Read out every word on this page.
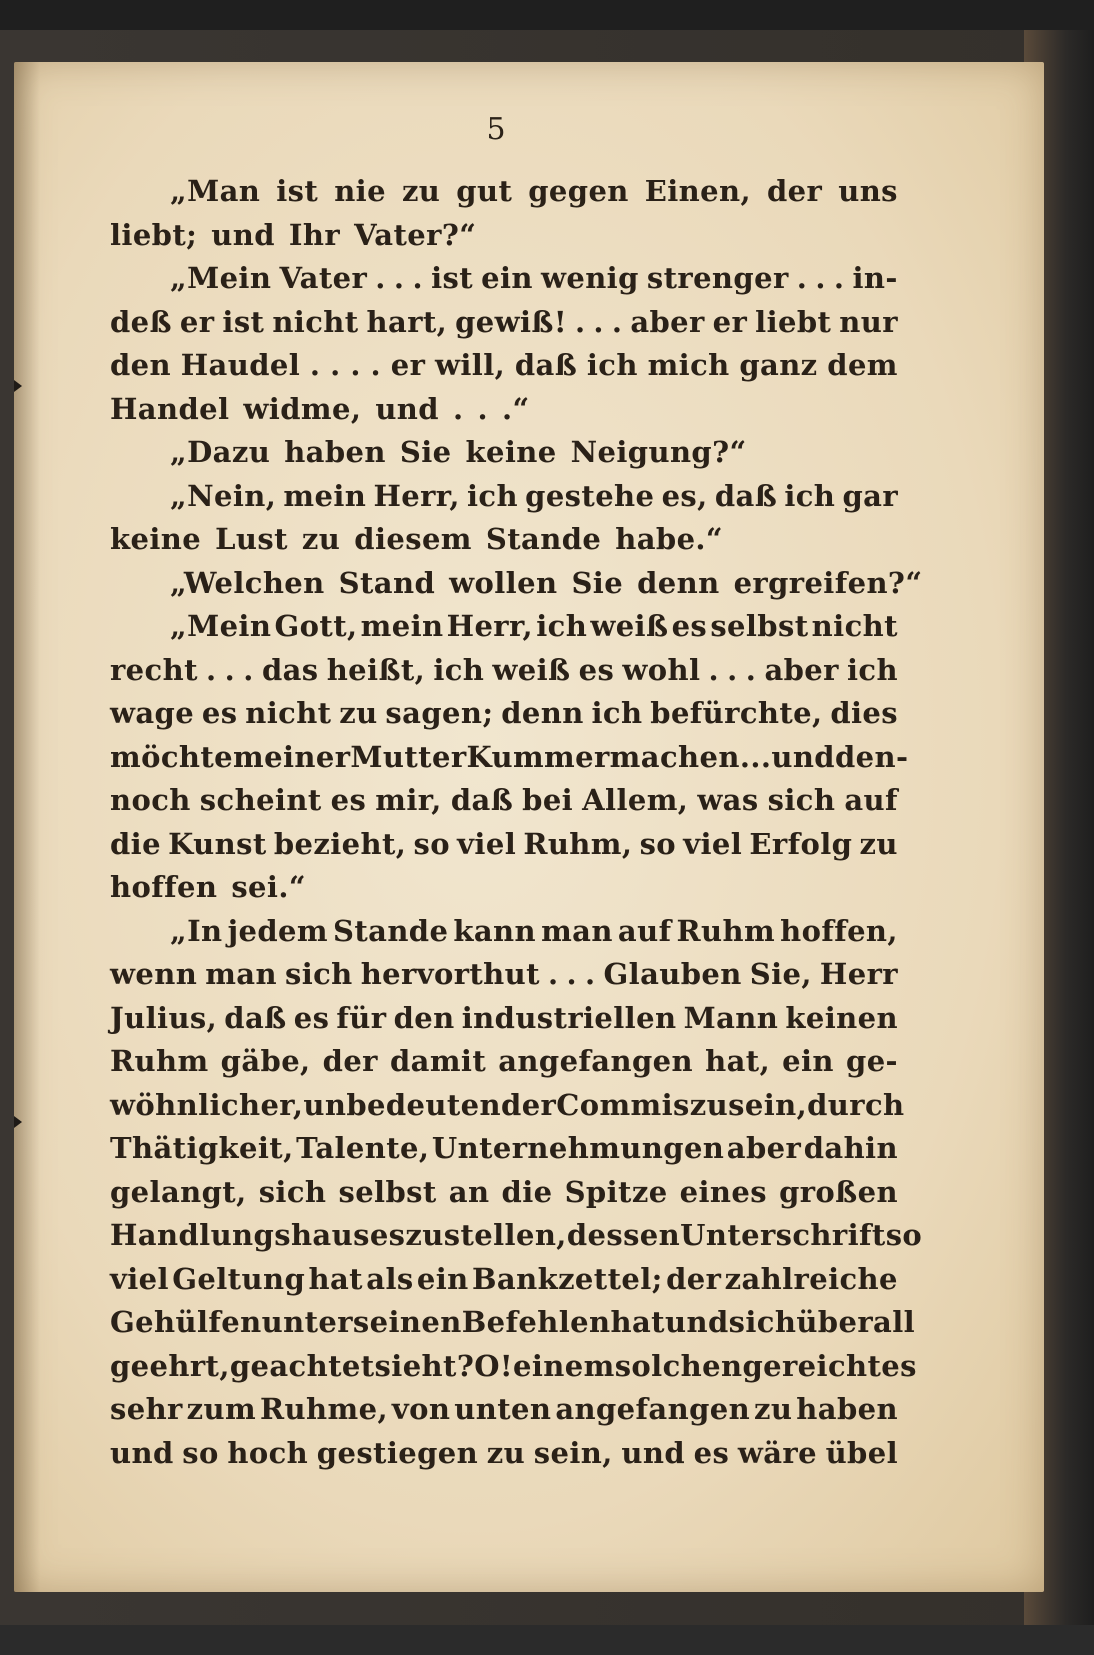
5
„Man ist nie zu gut gegen Einen, der uns
liebt; und Ihr Vater?“
„Mein Vater . . . ist ein wenig strenger . . . in-
deß er ist nicht hart, gewiß! . . . aber er liebt nur
den Haudel . . . . er will, daß ich mich ganz dem
Handel widme, und . . .“
„Dazu haben Sie keine Neigung?“
„Nein, mein Herr, ich gestehe es, daß ich gar
keine Lust zu diesem Stande habe.“
„Welchen Stand wollen Sie denn ergreifen?“
„Mein Gott, mein Herr, ich weiß es selbst nicht
recht . . . das heißt, ich weiß es wohl . . . aber ich
wage es nicht zu sagen; denn ich befürchte, dies
möchte meiner Mutter Kummer machen . . . und den-
noch scheint es mir, daß bei Allem, was sich auf
die Kunst bezieht, so viel Ruhm, so viel Erfolg zu
hoffen sei.“
„In jedem Stande kann man auf Ruhm hoffen,
wenn man sich hervorthut . . . Glauben Sie, Herr
Julius, daß es für den industriellen Mann keinen
Ruhm gäbe, der damit angefangen hat, ein ge-
wöhnlicher, unbedeutender Commis zu sein, durch
Thätigkeit, Talente, Unternehmungen aber dahin
gelangt, sich selbst an die Spitze eines großen
Handlungshauses zu stellen, dessen Unterschrift so
viel Geltung hat als ein Bankzettel; der zahlreiche
Gehülfen unter seinen Befehlen hat und sich überall
geehrt, geachtet sieht? O! einem solchen gereicht es
sehr zum Ruhme, von unten angefangen zu haben
und so hoch gestiegen zu sein, und es wäre übel
